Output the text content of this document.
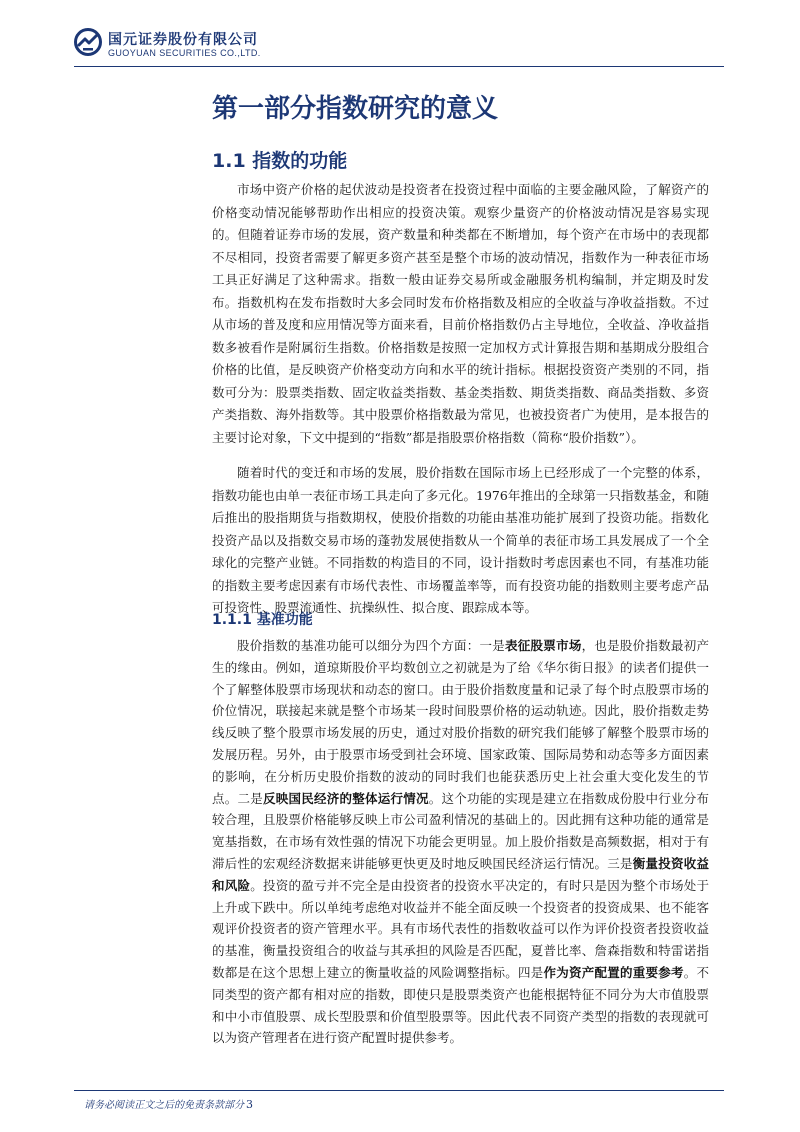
国元证券股份有限公司
GUOYUAN SECURITIES CO.,LTD.
第一部分指数研究的意义
1.1 指数的功能

市场中资产价格的起伏波动是投资者在投资过程中面临的主要金融风险，了解资产的价格变动情况能够帮助作出相应的投资决策。观察少量资产的价格波动情况是容易实现的。但随着证券市场的发展，资产数量和种类都在不断增加，每个资产在市场中的表现都不尽相同，投资者需要了解更多资产甚至是整个市场的波动情况，指数作为一种表征市场工具正好满足了这种需求。指数一般由证券交易所或金融服务机构编制，并定期及时发布。指数机构在发布指数时大多会同时发布价格指数及相应的全收益与净收益指数。不过从市场的普及度和应用情况等方面来看，目前价格指数仍占主导地位，全收益、净收益指数多被看作是附属衍生指数。价格指数是按照一定加权方式计算报告期和基期成分股组合价格的比值，是反映资产价格变动方向和水平的统计指标。根据投资资产类别的不同，指数可分为：股票类指数、固定收益类指数、基金类指数、期货类指数、商品类指数、多资产类指数、海外指数等。其中股票价格指数最为常见，也被投资者广为使用，是本报告的主要讨论对象，下文中提到的“指数”都是指股票价格指数（简称“股价指数”）。

随着时代的变迁和市场的发展，股价指数在国际市场上已经形成了一个完整的体系，指数功能也由单一表征市场工具走向了多元化。1976年推出的全球第一只指数基金，和随后推出的股指期货与指数期权，使股价指数的功能由基准功能扩展到了投资功能。指数化投资产品以及指数交易市场的蓬勃发展使指数从一个简单的表征市场工具发展成了一个全球化的完整产业链。不同指数的构造目的不同，设计指数时考虑因素也不同，有基准功能的指数主要考虑因素有市场代表性、市场覆盖率等，而有投资功能的指数则主要考虑产品可投资性、股票流通性、抗操纵性、拟合度、跟踪成本等。

1.1.1 基准功能

股价指数的基准功能可以细分为四个方面：一是表征股票市场，也是股价指数最初产生的缘由。例如，道琼斯股价平均数创立之初就是为了给《华尔街日报》的读者们提供一个了解整体股票市场现状和动态的窗口。由于股价指数度量和记录了每个时点股票市场的价位情况，联接起来就是整个市场某一段时间股票价格的运动轨迹。因此，股价指数走势线反映了整个股票市场发展的历史，通过对股价指数的研究我们能够了解整个股票市场的发展历程。另外，由于股票市场受到社会环境、国家政策、国际局势和动态等多方面因素的影响，在分析历史股价指数的波动的同时我们也能获悉历史上社会重大变化发生的节点。二是反映国民经济的整体运行情况。这个功能的实现是建立在指数成份股中行业分布较合理，且股票价格能够反映上市公司盈利情况的基础上的。因此拥有这种功能的通常是宽基指数，在市场有效性强的情况下功能会更明显。加上股价指数是高频数据，相对于有滞后性的宏观经济数据来讲能够更快更及时地反映国民经济运行情况。三是衡量投资收益和风险。投资的盈亏并不完全是由投资者的投资水平决定的，有时只是因为整个市场处于上升或下跌中。所以单纯考虑绝对收益并不能全面反映一个投资者的投资成果、也不能客观评价投资者的资产管理水平。具有市场代表性的指数收益可以作为评价投资者投资收益的基准，衡量投资组合的收益与其承担的风险是否匹配，夏普比率、詹森指数和特雷诺指数都是在这个思想上建立的衡量收益的风险调整指标。四是作为资产配置的重要参考。不同类型的资产都有相对应的指数，即使只是股票类资产也能根据特征不同分为大市值股票和中小市值股票、成长型股票和价值型股票等。因此代表不同资产类型的指数的表现就可以为资产管理者在进行资产配置时提供参考。

请务必阅读正文之后的免责条款部分 3
